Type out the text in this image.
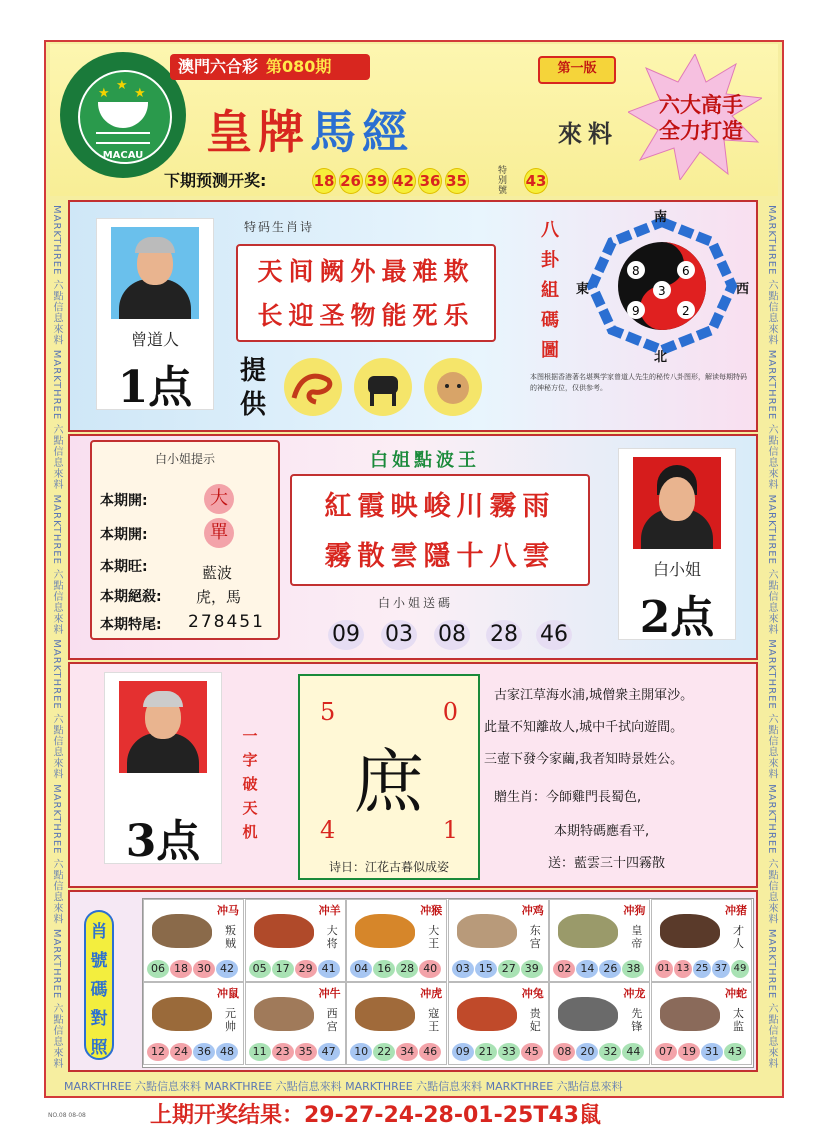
MARKTHREE 六點信息來料 MARKTHREE 六點信息來料 MARKTHREE 六點信息來料 MARKTHREE 六點信息來料 MARKTHREE 六點信息來料 MARKTHREE 六點信息來料	MARKTHREE 六點信息來料 MARKTHREE 六點信息來料 MARKTHREE 六點信息來料 MARKTHREE 六點信息來料 MARKTHREE 六點信息來料 MARKTHREE 六點信息來料
MARKTHREE 六點信息來料 MARKTHREE 六點信息來料 MARKTHREE 六點信息來料 MARKTHREE 六點信息來料
★
★ ★
MACAU
澳門六合彩 第080期	第一版
皇牌馬經	來料
六大高手
全力打造
下期预测开奖:	18 26 39 42 36 35
特别號
43
曾道人
1点
特码生肖诗
天间阙外最难欺
长迎圣物能死乐
提供
八
卦
組
碼
圖
8	6
3
9	2
南
北
東	西
本图根据香港著名堪舆学家曾道人先生的秘传八卦图形，解读每期特码的神秘方位，仅供参考。
白小姐提示
本期開:	大
本期開:	單
本期旺:	藍波
本期絕殺: 虎，馬
本期特尾: 278451
白姐點波王
紅霞映峻川霧雨
霧散雲隱十八雲
白小姐送碼
09 03 08 28 46
白小姐
2点
3点
一
字
破
天
机
5	0
4	1
庶
诗日：江花古暮似成姿
古家江草海水浦,城僧衆主開軍沙。
此量不知離故人,城中千拭向遊間。
三壺下發今家繭,我者知時景姓公。
贈生肖：今師雞門長蜀色,
本期特碼應看平,
送：藍雲三十四霧散
肖
號
碼
對
照
冲马
叛贼
06 18 30 42
冲羊
大将
05 17 29 41
冲猴
大王
04 16 28 40
冲鸡
东宫
03 15 27 39
冲狗
皇帝
02 14 26 38
冲猪
才人
01 13 25 37 49
冲鼠
元帅
12 24 36 48
冲牛
西宫
11 23 35 47
冲虎
寇王
10 22 34 46
冲兔
贵妃
09 21 33 45
冲龙
先锋
08 20 32 44
冲蛇
太监
07 19 31 43
上期开奖结果：29-27-24-28-01-25T43鼠
NO.08 08-08
